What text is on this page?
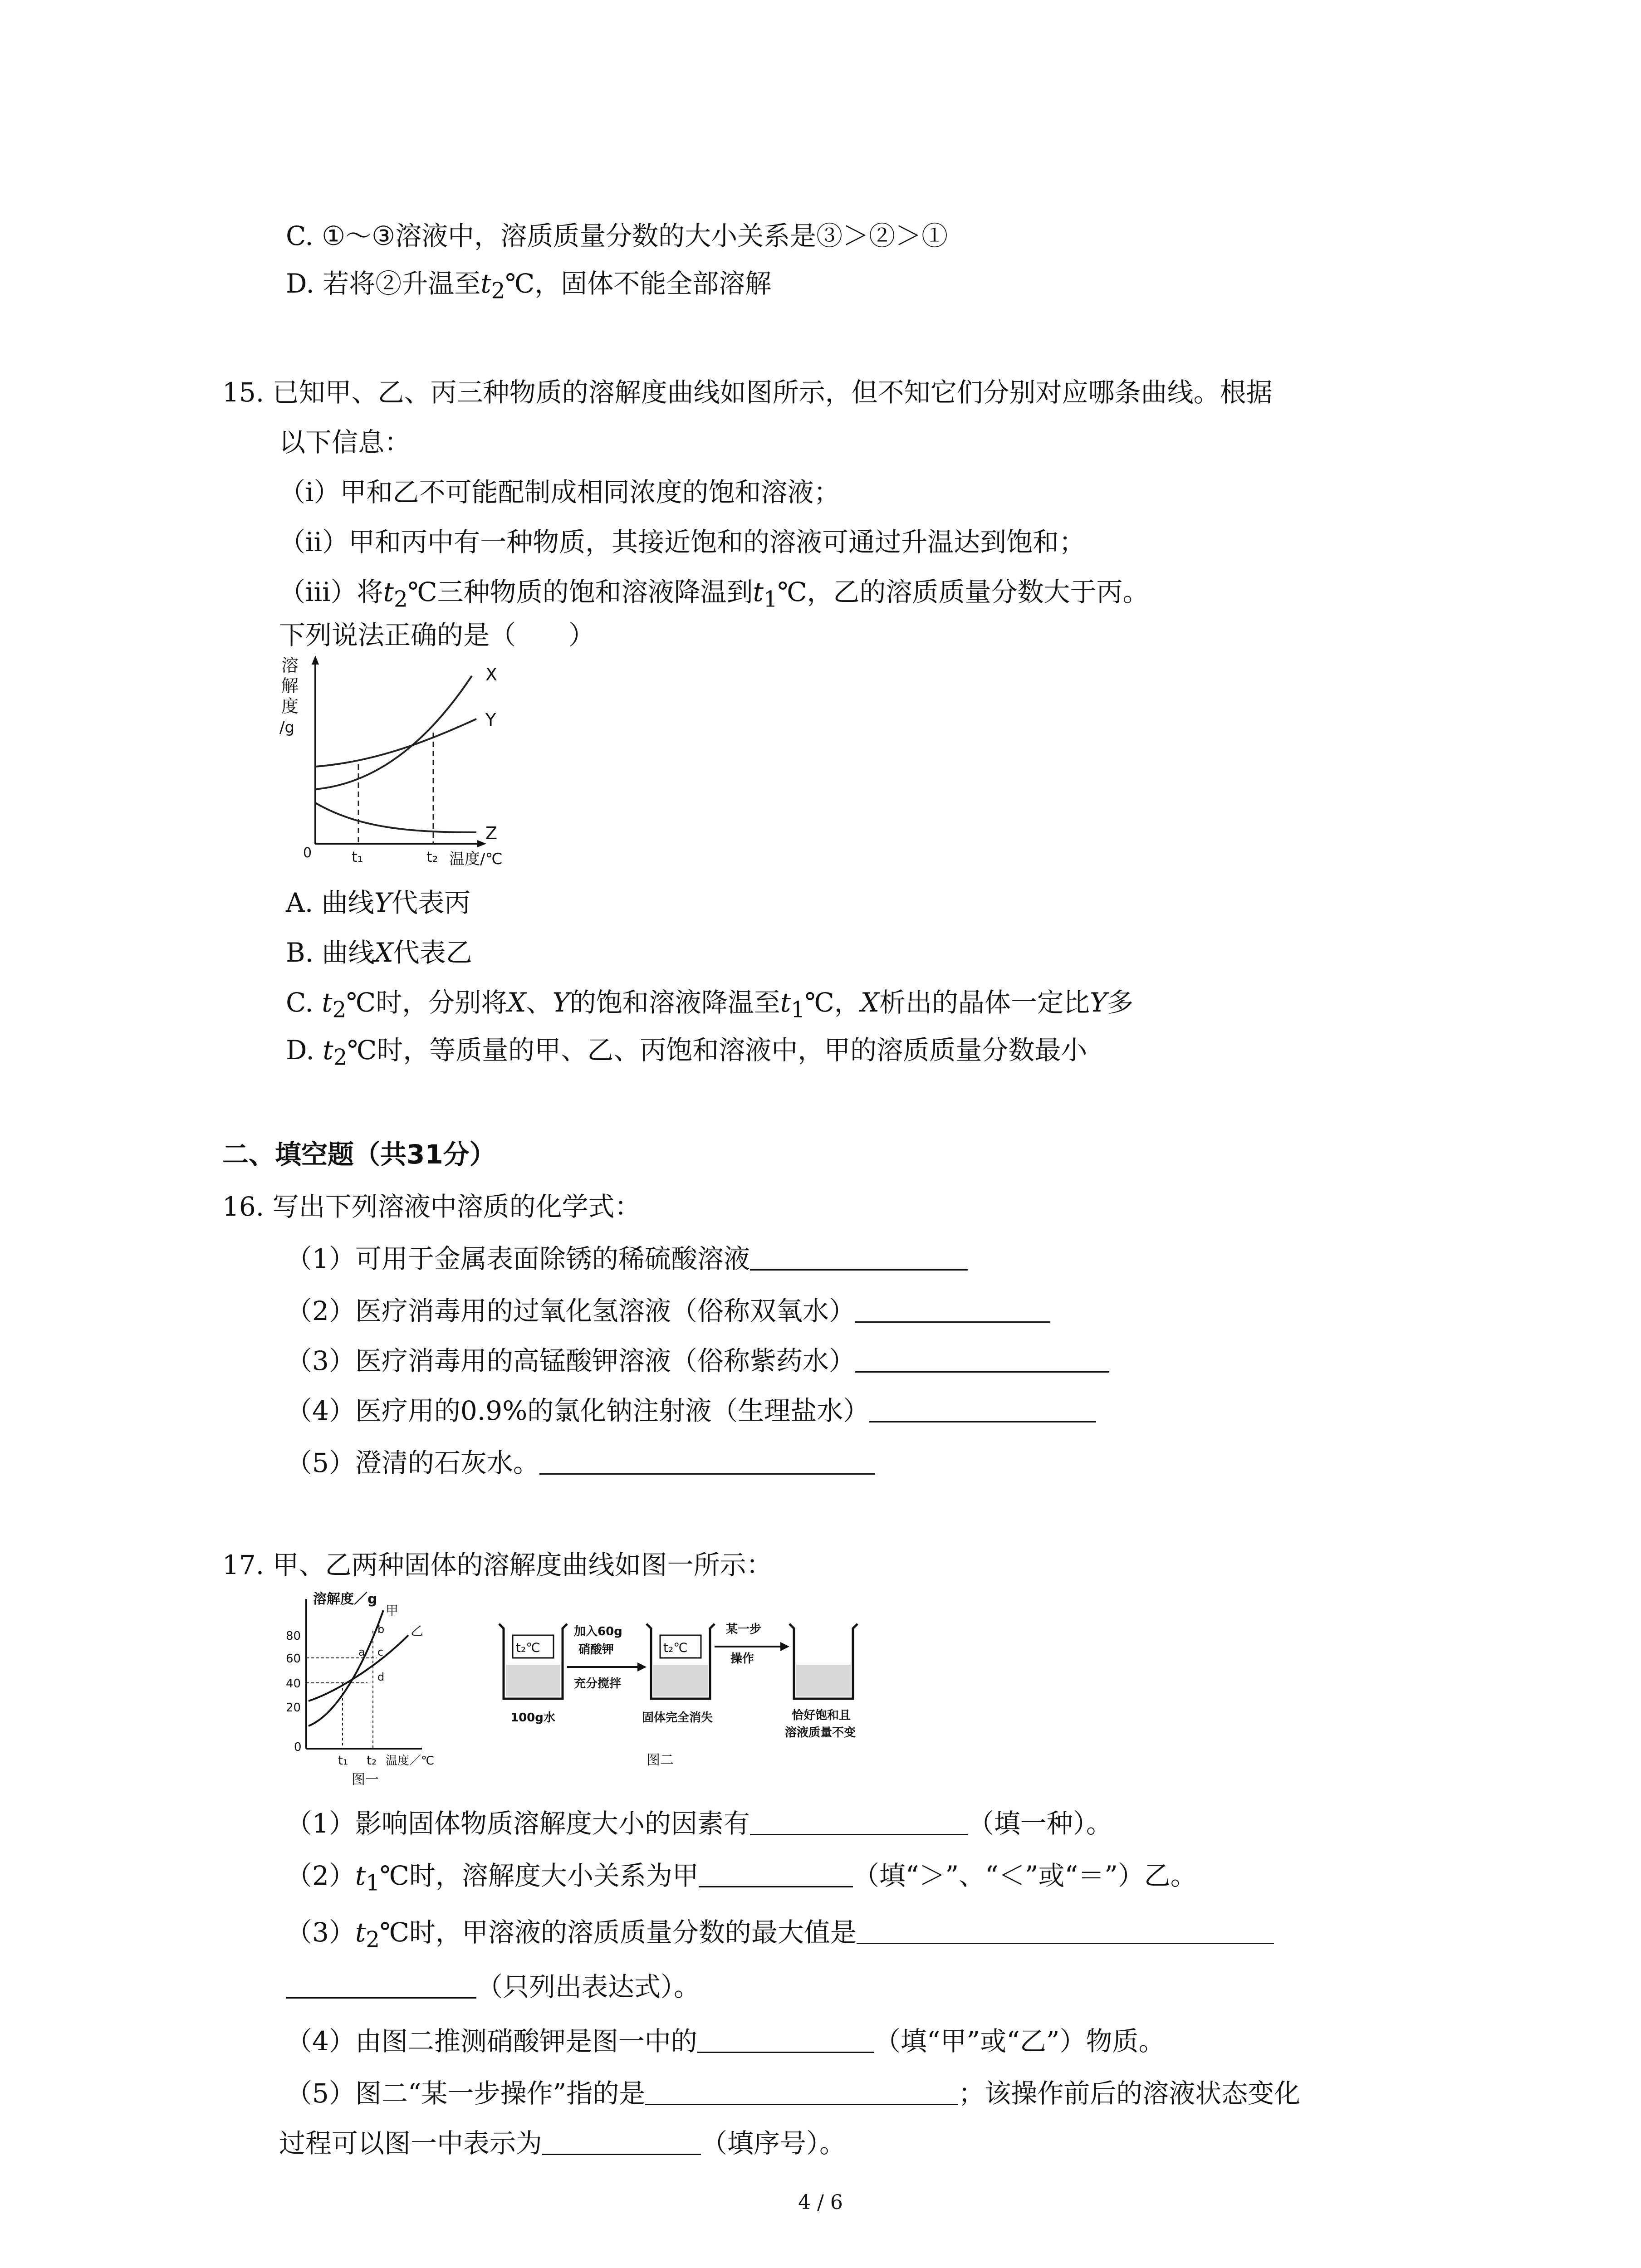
C. ①～③溶液中，溶质质量分数的大小关系是③＞②＞①
D. 若将②升温至$t_2℃$，固体不能全部溶解
15. 已知甲、乙、丙三种物质的溶解度曲线如图所示，但不知它们分别对应哪条曲线。根据
以下信息：
（ⅰ）甲和乙不可能配制成相同浓度的饱和溶液；
（ⅱ）甲和丙中有一种物质，其接近饱和的溶液可通过升温达到饱和；
（ⅲ）将$t_2℃$三种物质的饱和溶液降温到$t_1℃$，乙的溶质质量分数大于丙。
下列说法正确的是（　　）
溶
解
度
/g
X
Y
Z
0	t₁	t₂ 温度/℃
A. 曲线Y代表丙
B. 曲线X代表乙
C. $t_2℃$时，分别将X、Y的饱和溶液降温至$t_1℃$，X析出的晶体一定比Y多
D. $t_2℃$时，等质量的甲、乙、丙饱和溶液中，甲的溶质质量分数最小
二、填空题（共31分）
16. 写出下列溶液中溶质的化学式：
（1）可用于金属表面除锈的稀硫酸溶液
（2）医疗消毒用的过氧化氢溶液（俗称双氧水）
（3）医疗消毒用的高锰酸钾溶液（俗称紫药水）
（4）医疗用的0.9%的氯化钠注射液（生理盐水）
（5）澄清的石灰水。
17. 甲、乙两种固体的溶解度曲线如图一所示：
溶解度／g
80
60
40
20
0
甲
乙
a
b
c
d
t₁ t₂ 温度／℃
图一
t₂℃
加入60g
硝酸钾
充分搅拌
t₂℃
某一步
操作
100g水	固体完全消失	恰好饱和且
溶液质量不变
图二
（1）影响固体物质溶解度大小的因素有	（填一种）。
$(2)t_1℃$时，溶解度大小关系为甲	（填“＞”、“＜”或“＝”）乙。
$(3)t_2℃$时，甲溶液的溶质质量分数的最大值是
（只列出表达式）。
（4）由图二推测硝酸钾是图一中的	（填“甲”或“乙”）物质。
（5）图二“某一步操作”指的是	；该操作前后的溶液状态变化
过程可以图一中表示为	（填序号）。
4 / 6
